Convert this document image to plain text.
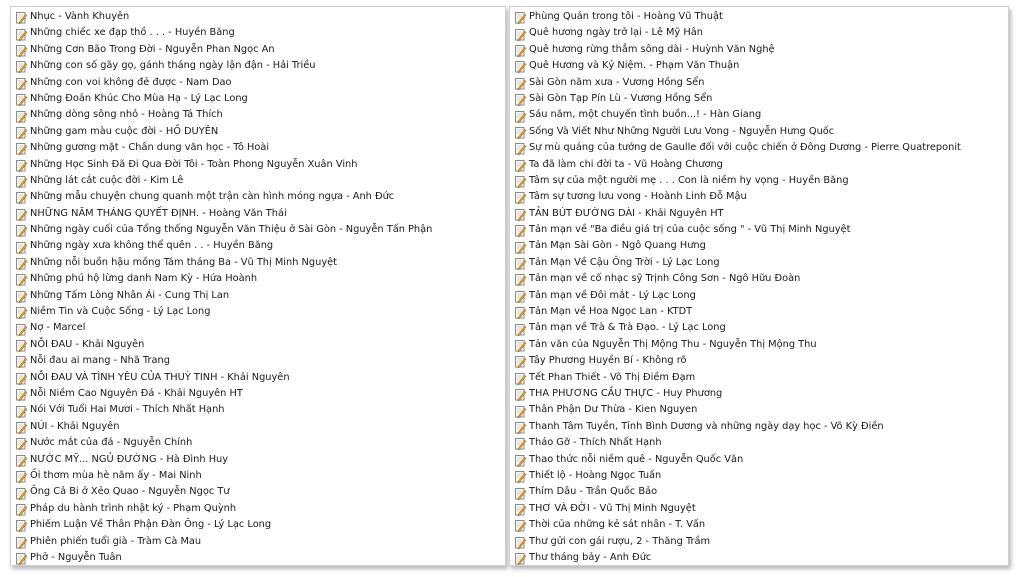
Nhục - Vành Khuyên
Những chiếc xe đạp thồ . . . - Huyền Băng
Những Cơn Bão Trong Đời - Nguyễn Phan Ngọc An
Những con số gãy gọ, gánh tháng ngày lận đận - Hải Triều
Những con voi không đẻ được - Nam Dao
Những Đoản Khúc Cho Mùa Hạ - Lý Lạc Long
Những dòng sông nhỏ - Hoàng Tá Thích
Những gam màu cuộc đời - HỒ DUYÊN
Những gương mặt - Chân dung văn học - Tô Hoài
Những Học Sinh Đã Đi Qua Đời Tôi - Toàn Phong Nguyễn Xuân Vinh
Những lát cắt cuộc đời - Kim Lê
Những mẫu chuyện chung quanh một trận càn hình móng ngựa - Anh Đức
NHỮNG NĂM THÁNG QUYẾT ĐỊNH. - Hoàng Văn Thái
Những ngày cuối của Tổng thống Nguyễn Văn Thiệu ở Sài Gòn - Nguyễn Tấn Phận
Những ngày xưa không thể quên . . - Huyền Băng
Những nỗi buồn hậu mồng Tám tháng Ba - Vũ Thị Minh Nguyệt
Những phú hộ lừng danh Nam Kỳ - Hứa Hoành
Những Tấm Lòng Nhân Ái - Cung Thị Lan
Niềm Tin và Cuộc Sống - Lý Lạc Long
Nợ - Marcel
NỖI ĐAU - Khải Nguyên
Nỗi đau ai mang - Nhã Trang
NỖI ĐAU VÀ TÌNH YÊU CỦA THUỲ TINH - Khải Nguyên
Nỗi Niềm Cao Nguyên Đá - Khải Nguyên HT
Nói Với Tuổi Hai Mươi - Thích Nhất Hạnh
NÚI - Khải Nguyên
Nước mắt của đá - Nguyễn Chính
NƯỚC MỸ... NGỦ ĐƯỜNG - Hà Đình Huy
Ối thơm mùa hè năm ấy - Mai Ninh
Ông Cả Bi ở Xẻo Quao - Nguyễn Ngọc Tư
Pháp du hành trình nhật ký - Phạm Quỳnh
Phiếm Luận Về Thân Phận Đàn Ông - Lý Lạc Long
Phiên phiến tuổi già - Tràm Cà Mau
Phở - Nguyễn Tuân
Phùng Quán trong tôi - Hoàng Vũ Thuật
Quê hương ngày trở lại - Lê Mỹ Hân
Quê hương rừng thẳm sông dài - Huỳnh Văn Nghệ
Quê Hương và Kỷ Niệm. - Phạm Văn Thuận
Sài Gòn năm xưa - Vương Hồng Sển
Sài Gòn Tạp Pín Lù - Vương Hồng Sển
Sáu năm, một chuyến tình buồn...! - Hàn Giang
Sống Và Viết Như Những Người Lưu Vong - Nguyễn Hưng Quốc
Sự mù quáng của tướng de Gaulle đối với cuộc chiến ở Đông Dương - Pierre Quatreponit
Ta đã làm chi đời ta - Vũ Hoàng Chương
Tâm sự của một người mẹ . . . Con là niềm hy vọng - Huyền Băng
Tâm sự tương lưu vong - Hoành Linh Đỗ Mậu
TẢN BÚT ĐƯỜNG DÀI - Khải Nguyên HT
Tản mạn về "Ba điều giá trị của cuộc sống " - Vũ Thị Minh Nguyệt
Tản Mạn Sài Gòn - Ngô Quang Hưng
Tản Mạn Về Cậu Ông Trời - Lý Lạc Long
Tản mạn về cố nhạc sỹ Trịnh Công Sơn - Ngô Hữu Đoàn
Tản mạn về Đôi mắt - Lý Lạc Long
Tản Mạn về Hoa Ngọc Lan - KTDT
Tản mạn về Trà & Trà Đạo. - Lý Lạc Long
Tản văn của Nguyễn Thị Mộng Thu - Nguyễn Thị Mộng Thu
Tây Phương Huyền Bí - Không rõ
Tết Phan Thiết - Võ Thị Điềm Đạm
THA PHƯƠNG CẦU THỰC - Huy Phương
Thân Phận Dư Thừa - Kien Nguyen
Thanh Tâm Tuyền, Tỉnh Bình Dương và những ngày dạy học - Võ Kỳ Điền
Tháo Gỡ - Thích Nhất Hạnh
Thao thức nỗi niềm quê - Nguyễn Quốc Văn
Thiết lộ - Hoàng Ngọc Tuấn
Thím Dâu - Trần Quốc Bảo
THƠ VÀ ĐỜI - Vũ Thị Minh Nguyệt
Thời của những kẻ sát nhân - T. Vấn
Thư gửi con gái rượu, 2 - Thăng Trầm
Thư tháng bảy - Anh Đức
